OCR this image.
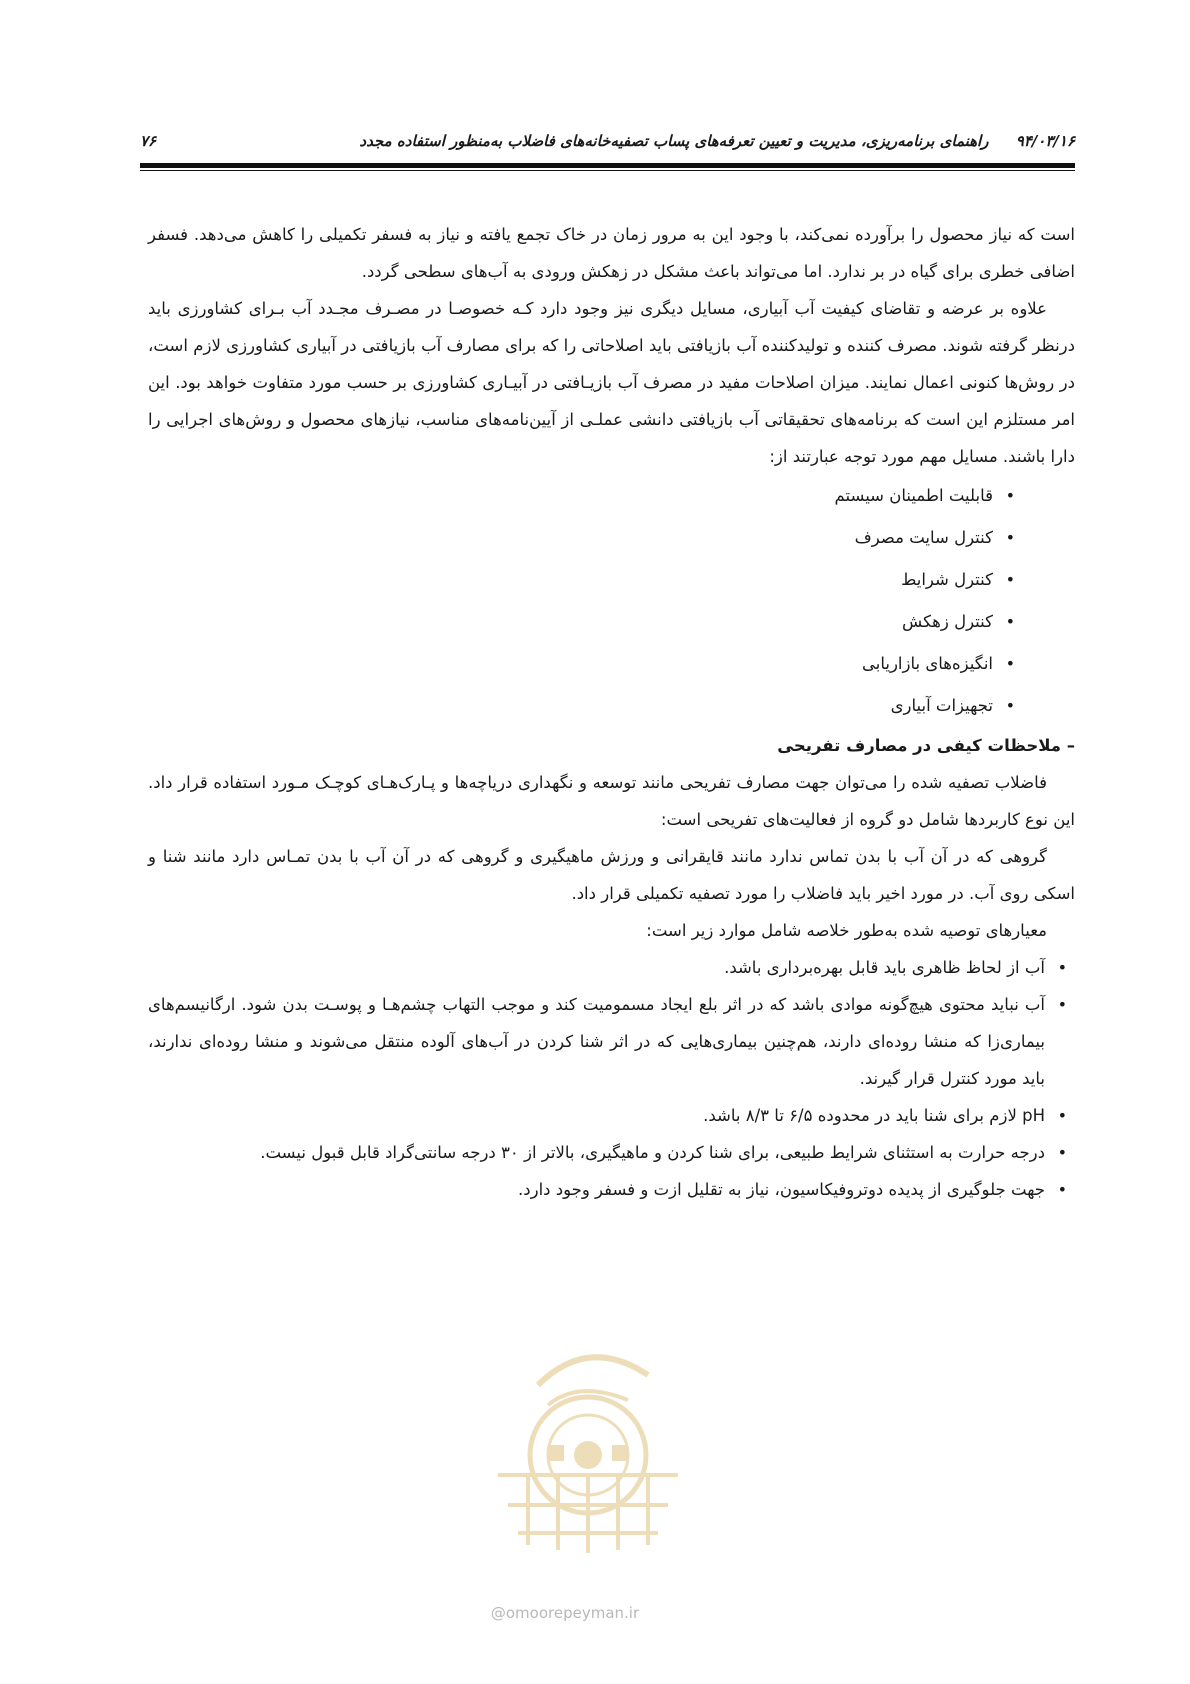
۹۴/۰۳/۱۶ راهنمای برنامه‌ریزی، مدیریت و تعیین تعرفه‌های پساب تصفیه‌خانه‌های فاضلاب به‌منظور استفاده مجدد
۷۶

است که نیاز محصول را برآورده نمی‌کند، با وجود این به مرور زمان در خاک تجمع یافته و نیاز به فسفر تکمیلی را کاهش می‌دهد. فسفر اضافی خطری برای گیاه در بر ندارد. اما می‌تواند باعث مشکل در زهکش ورودی به آب‌های سطحی گردد.

علاوه بر عرضه و تقاضای کیفیت آب آبیاری، مسایل دیگری نیز وجود دارد کـه خصوصـا در مصـرف مجـدد آب بـرای کشاورزی باید درنظر گرفته شوند. مصرف کننده و تولیدکننده آب بازیافتی باید اصلاحاتی را که برای مصارف آب بازیافتی در آبیاری کشاورزی لازم است، در روش‌ها کنونی اعمال نمایند. میزان اصلاحات مفید در مصرف آب بازیـافتی در آبیـاری کشاورزی بر حسب مورد متفاوت خواهد بود. این امر مستلزم این است که برنامه‌های تحقیقاتی آب بازیافتی دانشی عملـی از آیین‌نامه‌های مناسب، نیازهای محصول و روش‌های اجرایی را دارا باشند. مسایل مهم مورد توجه عبارتند از:

• قابلیت اطمینان سیستم
• کنترل سایت مصرف
• کنترل شرایط
• کنترل زهکش
• انگیزه‌های بازاریابی
• تجهیزات آبیاری

– ملاحظات کیفی در مصارف تفریحی

فاضلاب تصفیه شده را می‌توان جهت مصارف تفریحی مانند توسعه و نگهداری دریاچه‌ها و پـارک‌هـای کوچـک مـورد استفاده قرار داد. این نوع کاربردها شامل دو گروه از فعالیت‌های تفریحی است:

گروهی که در آن آب با بدن تماس ندارد مانند قایقرانی و ورزش ماهیگیری و گروهی که در آن آب با بدن تمـاس دارد مانند شنا و اسکی روی آب. در مورد اخیر باید فاضلاب را مورد تصفیه تکمیلی قرار داد.

معیارهای توصیه شده به‌طور خلاصه شامل موارد زیر است:

• آب از لحاظ ظاهری باید قابل بهره‌برداری باشد.
• آب نباید محتوی هیچ‌گونه موادی باشد که در اثر بلع ایجاد مسمومیت کند و موجب التهاب چشم‌هـا و پوسـت بدن شود. ارگانیسم‌های بیماری‌زا که منشا روده‌ای دارند، هم‌چنین بیماری‌هایی که در اثر شنا کردن در آب‌های آلوده منتقل می‌شوند و منشا روده‌ای ندارند، باید مورد کنترل قرار گیرند.
• pH لازم برای شنا باید در محدوده ۶/۵ تا ۸/۳ باشد.
• درجه حرارت به استثنای شرایط طبیعی، برای شنا کردن و ماهیگیری، بالاتر از ۳۰ درجه سانتی‌گراد قابل قبول نیست.
• جهت جلوگیری از پدیده دوتروفیکاسیون، نیاز به تقلیل ازت و فسفر وجود دارد.
@omoorepeyman.ir
